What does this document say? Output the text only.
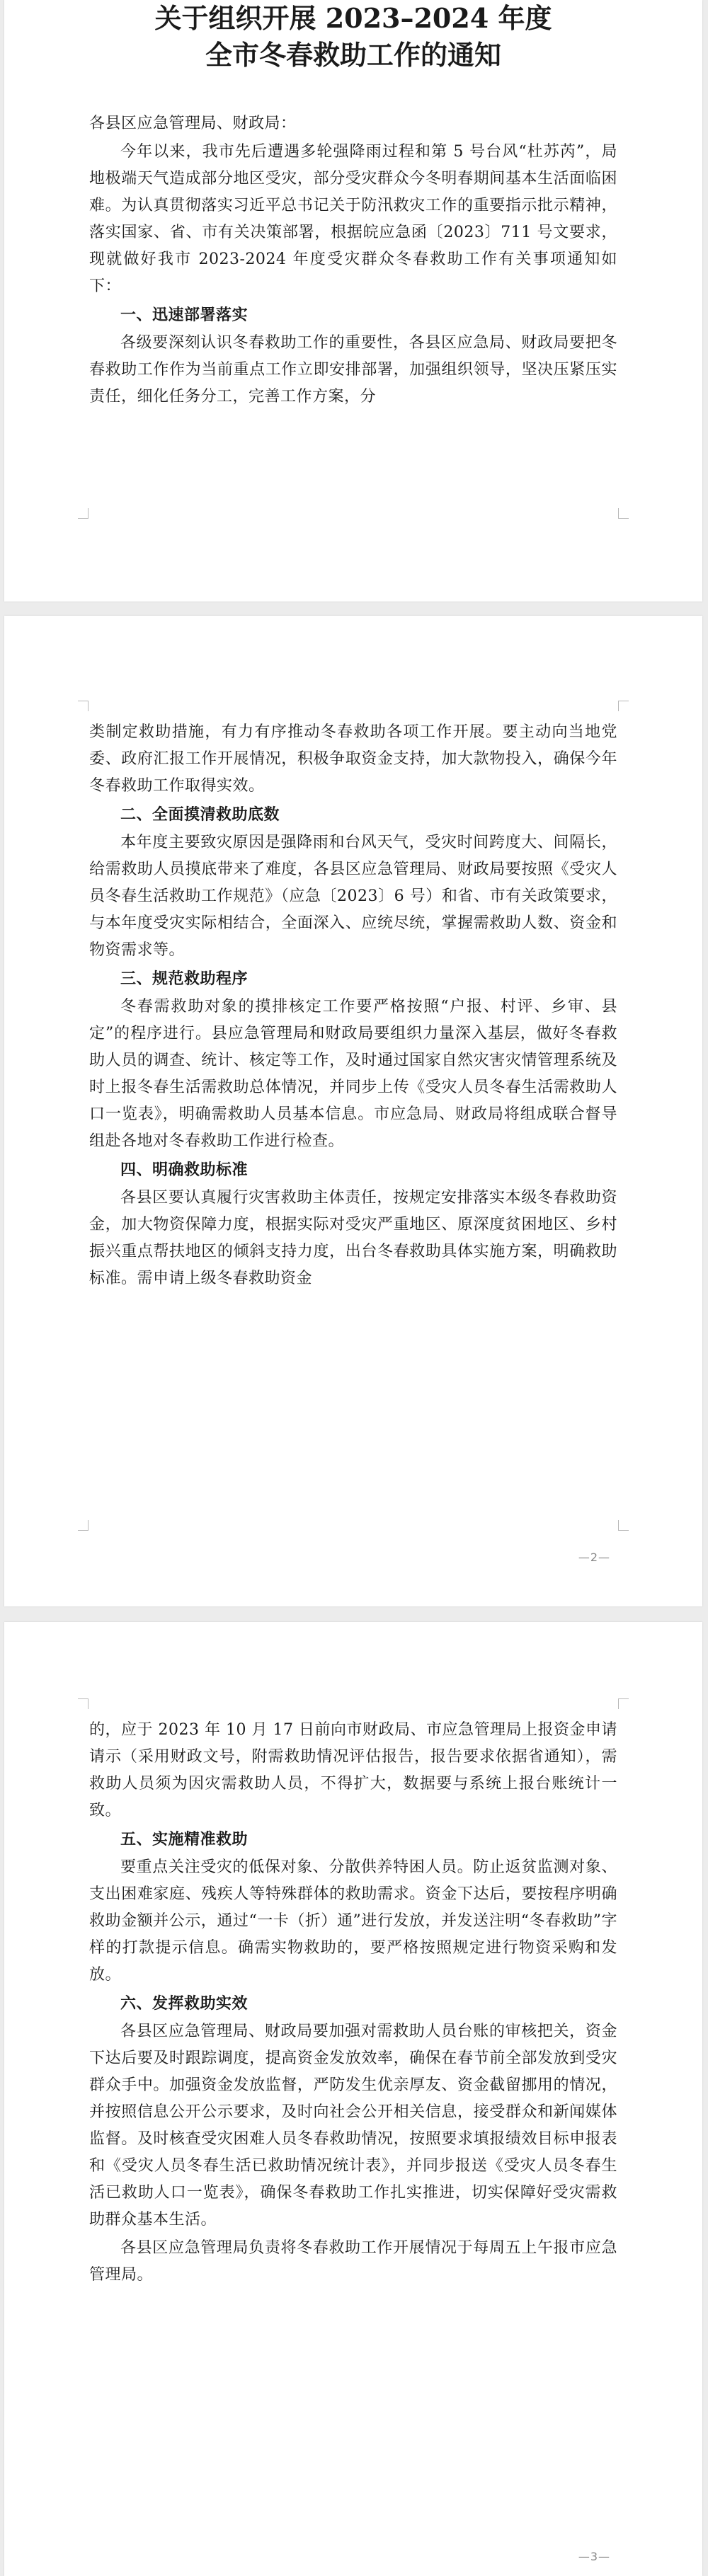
关于组织开展 2023–2024 年度

全市冬春救助工作的通知

各县区应急管理局、财政局：

今年以来，我市先后遭遇多轮强降雨过程和第 5 号台风“杜苏芮”，局地极端天气造成部分地区受灾，部分受灾群众今冬明春期间基本生活面临困难。为认真贯彻落实习近平总书记关于防汛救灾工作的重要指示批示精神，落实国家、省、市有关决策部署，根据皖应急函〔2023〕711 号文要求，现就做好我市 2023-2024 年度受灾群众冬春救助工作有关事项通知如下：

一、迅速部署落实

各级要深刻认识冬春救助工作的重要性，各县区应急局、财政局要把冬春救助工作作为当前重点工作立即安排部署，加强组织领导，坚决压紧压实责任，细化任务分工，完善工作方案，分

类制定救助措施，有力有序推动冬春救助各项工作开展。要主动向当地党委、政府汇报工作开展情况，积极争取资金支持，加大款物投入，确保今年冬春救助工作取得实效。

二、全面摸清救助底数

本年度主要致灾原因是强降雨和台风天气，受灾时间跨度大、间隔长，给需救助人员摸底带来了难度，各县区应急管理局、财政局要按照《受灾人员冬春生活救助工作规范》（应急〔2023〕6 号）和省、市有关政策要求，与本年度受灾实际相结合，全面深入、应统尽统，掌握需救助人数、资金和物资需求等。

三、规范救助程序

冬春需救助对象的摸排核定工作要严格按照“户报、村评、乡审、县定”的程序进行。县应急管理局和财政局要组织力量深入基层，做好冬春救助人员的调查、统计、核定等工作，及时通过国家自然灾害灾情管理系统及时上报冬春生活需救助总体情况，并同步上传《受灾人员冬春生活需救助人口一览表》，明确需救助人员基本信息。市应急局、财政局将组成联合督导组赴各地对冬春救助工作进行检查。

四、明确救助标准

各县区要认真履行灾害救助主体责任，按规定安排落实本级冬春救助资金，加大物资保障力度，根据实际对受灾严重地区、原深度贫困地区、乡村振兴重点帮扶地区的倾斜支持力度，出台冬春救助具体实施方案，明确救助标准。需申请上级冬春救助资金

—2—

的，应于 2023 年 10 月 17 日前向市财政局、市应急管理局上报资金申请请示（采用财政文号，附需救助情况评估报告，报告要求依据省通知），需救助人员须为因灾需救助人员，不得扩大，数据要与系统上报台账统计一致。

五、实施精准救助

要重点关注受灾的低保对象、分散供养特困人员。防止返贫监测对象、支出困难家庭、残疾人等特殊群体的救助需求。资金下达后，要按程序明确救助金额并公示，通过“一卡（折）通”进行发放，并发送注明“冬春救助”字样的打款提示信息。确需实物救助的，要严格按照规定进行物资采购和发放。

六、发挥救助实效

各县区应急管理局、财政局要加强对需救助人员台账的审核把关，资金下达后要及时跟踪调度，提高资金发放效率，确保在春节前全部发放到受灾群众手中。加强资金发放监督，严防发生优亲厚友、资金截留挪用的情况，并按照信息公开公示要求，及时向社会公开相关信息，接受群众和新闻媒体监督。及时核查受灾困难人员冬春救助情况，按照要求填报绩效目标申报表和《受灾人员冬春生活已救助情况统计表》，并同步报送《受灾人员冬春生活已救助人口一览表》，确保冬春救助工作扎实推进，切实保障好受灾需救助群众基本生活。

各县区应急管理局负责将冬春救助工作开展情况于每周五上午报市应急管理局。

—3—
